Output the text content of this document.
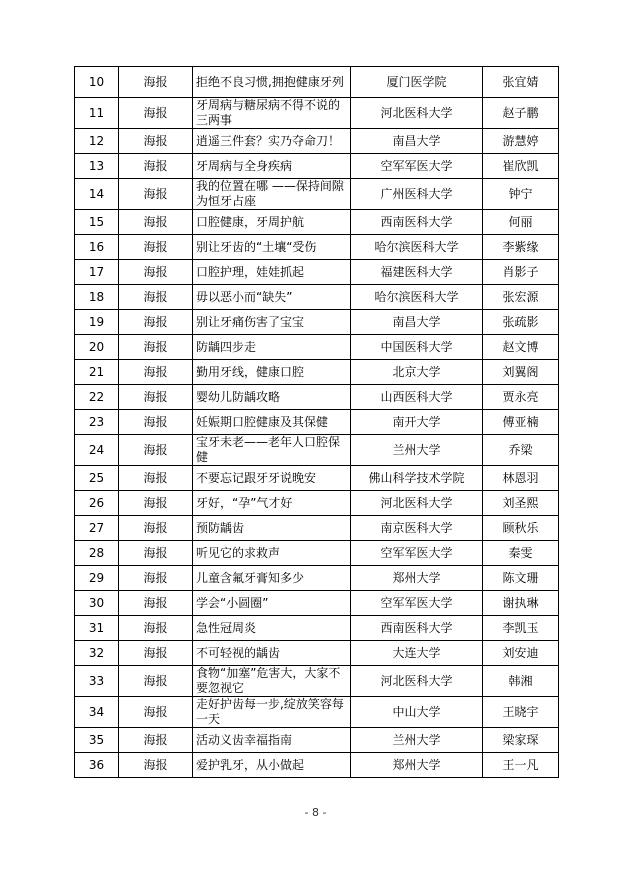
10	海报	拒绝不良习惯,拥抱健康牙列	厦门医学院	张宜婧
11	海报	牙周病与糖尿病不得不说的三两事	河北医科大学	赵子鹏
12	海报	逍遥三件套？实乃夺命刀！	南昌大学	游慧婷
13	海报	牙周病与全身疾病	空军军医大学	崔欣凯
14	海报	我的位置在哪 ——保持间隙为恒牙占座	广州医科大学	钟宁
15	海报	口腔健康，牙周护航	西南医科大学	何丽
16	海报	别让牙齿的“土壤“受伤	哈尔滨医科大学	李紫缘
17	海报	口腔护理，娃娃抓起	福建医科大学	肖影子
18	海报	毋以恶小而“缺失”	哈尔滨医科大学	张宏源
19	海报	别让牙痛伤害了宝宝	南昌大学	张疏影
20	海报	防龋四步走	中国医科大学	赵文博
21	海报	勤用牙线，健康口腔	北京大学	刘翼阁
22	海报	婴幼儿防龋攻略	山西医科大学	贾永亮
23	海报	妊娠期口腔健康及其保健	南开大学	傅亚楠
24	海报	宝牙未老——老年人口腔保健	兰州大学	乔梁
25	海报	不要忘记跟牙牙说晚安	佛山科学技术学院	林恩羽
26	海报	牙好，“孕”气才好	河北医科大学	刘圣熙
27	海报	预防龋齿	南京医科大学	顾秋乐
28	海报	听见它的求救声	空军军医大学	秦雯
29	海报	儿童含氟牙膏知多少	郑州大学	陈文珊
30	海报	学会“小圆圈”	空军军医大学	谢执琳
31	海报	急性冠周炎	西南医科大学	李凯玉
32	海报	不可轻视的龋齿	大连大学	刘安迪
33	海报	食物“加塞”危害大，大家不要忽视它	河北医科大学	韩湘
34	海报	走好护齿每一步,绽放笑容每一天	中山大学	王晓宇
35	海报	活动义齿幸福指南	兰州大学	梁家琛
36	海报	爱护乳牙，从小做起	郑州大学	王一凡
- 8 -
